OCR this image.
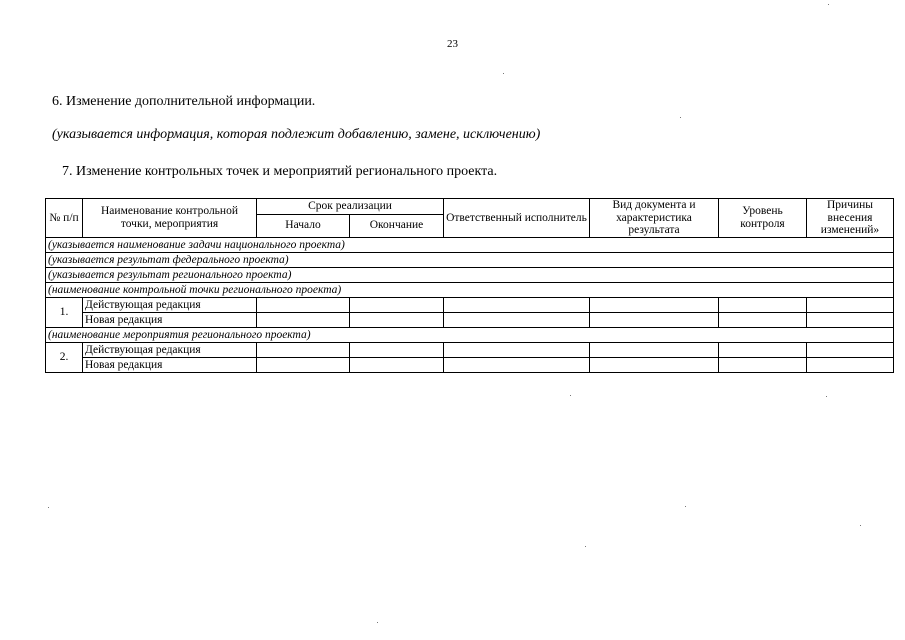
23
6. Изменение дополнительной информации.
(указывается информация, которая подлежит добавлению, замене, исключению)
7. Изменение контрольных точек и мероприятий регионального проекта.
№ п/п	Наименование контрольной точки, мероприятия	Срок реализации		Ответственный исполнитель	Вид документа и характеристика результата	Уровень контроля	Причины внесения изменений»
		Начало	Окончание				
(указывается наименование задачи национального проекта)							
(указывается результат федерального проекта)							
(указывается результат регионального проекта)							
(наименование контрольной точки регионального проекта)							
1.	Действующая редакция						
	Новая редакция						
(наименование мероприятия регионального проекта)							
2.	Действующая редакция						
	Новая редакция						
